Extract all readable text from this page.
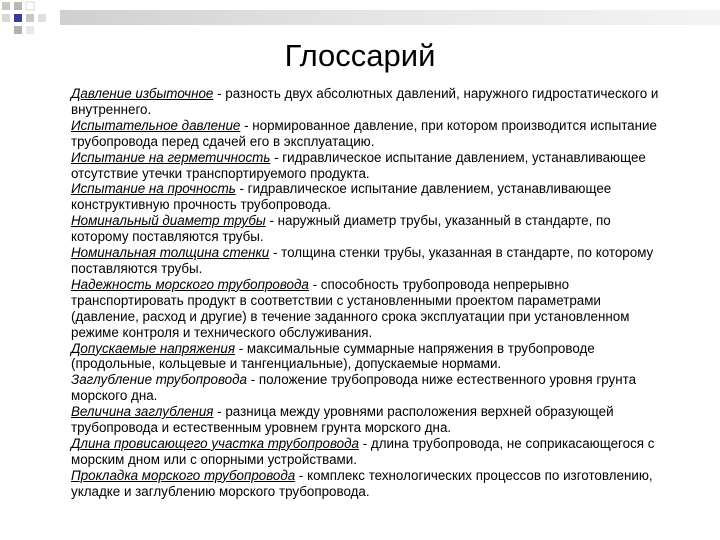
Глоссарий

Давление избыточное - разность двух абсолютных давлений, наружного гидростатического и внутреннего.

Испытательное давление - нормированное давление, при котором производится испытание трубопровода перед сдачей его в эксплуатацию.

Испытание на герметичность - гидравлическое испытание давлением, устанавливающее отсутствие утечки транспортируемого продукта.

Испытание на прочность - гидравлическое испытание давлением, устанавливающее конструктивную прочность трубопровода.

Номинальный диаметр трубы - наружный диаметр трубы, указанный в стандарте, по которому поставляются трубы.

Номинальная толщина стенки - толщина стенки трубы, указанная в стандарте, по которому поставляются трубы.

Надежность морского трубопровода - способность трубопровода непрерывно транспортировать продукт в соответствии с установленными проектом параметрами (давление, расход и другие) в течение заданного срока эксплуатации при установленном режиме контроля и технического обслуживания.

Допускаемые напряжения - максимальные суммарные напряжения в трубопроводе (продольные, кольцевые и тангенциальные), допускаемые нормами.

Заглубление трубопровода - положение трубопровода ниже естественного уровня грунта морского дна.

Величина заглубления - разница между уровнями расположения верхней образующей трубопровода и естественным уровнем грунта морского дна.

Длина провисающего участка трубопровода - длина трубопровода, не соприкасающегося с морским дном или с опорными устройствами.

Прокладка морского трубопровода - комплекс технологических процессов по изготовлению, укладке и заглублению морского трубопровода.
